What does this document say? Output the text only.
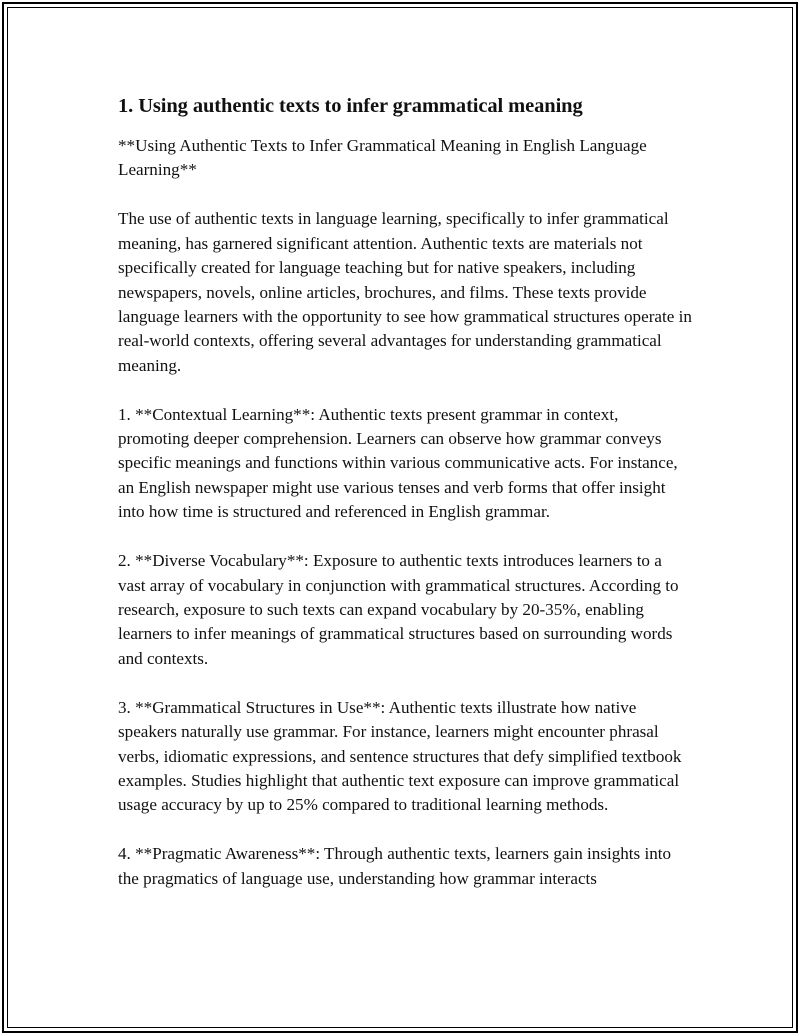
1. Using authentic texts to infer grammatical meaning

**Using Authentic Texts to Infer Grammatical Meaning in English Language Learning**

The use of authentic texts in language learning, specifically to infer grammatical meaning, has garnered significant attention. Authentic texts are materials not specifically created for language teaching but for native speakers, including newspapers, novels, online articles, brochures, and films. These texts provide language learners with the opportunity to see how grammatical structures operate in real-world contexts, offering several advantages for understanding grammatical meaning.

1. **Contextual Learning**: Authentic texts present grammar in context, promoting deeper comprehension. Learners can observe how grammar conveys specific meanings and functions within various communicative acts. For instance, an English newspaper might use various tenses and verb forms that offer insight into how time is structured and referenced in English grammar.

2. **Diverse Vocabulary**: Exposure to authentic texts introduces learners to a vast array of vocabulary in conjunction with grammatical structures. According to research, exposure to such texts can expand vocabulary by 20-35%, enabling learners to infer meanings of grammatical structures based on surrounding words and contexts.

3. **Grammatical Structures in Use**: Authentic texts illustrate how native speakers naturally use grammar. For instance, learners might encounter phrasal verbs, idiomatic expressions, and sentence structures that defy simplified textbook examples. Studies highlight that authentic text exposure can improve grammatical usage accuracy by up to 25% compared to traditional learning methods.

4. **Pragmatic Awareness**: Through authentic texts, learners gain insights into the pragmatics of language use, understanding how grammar interacts
